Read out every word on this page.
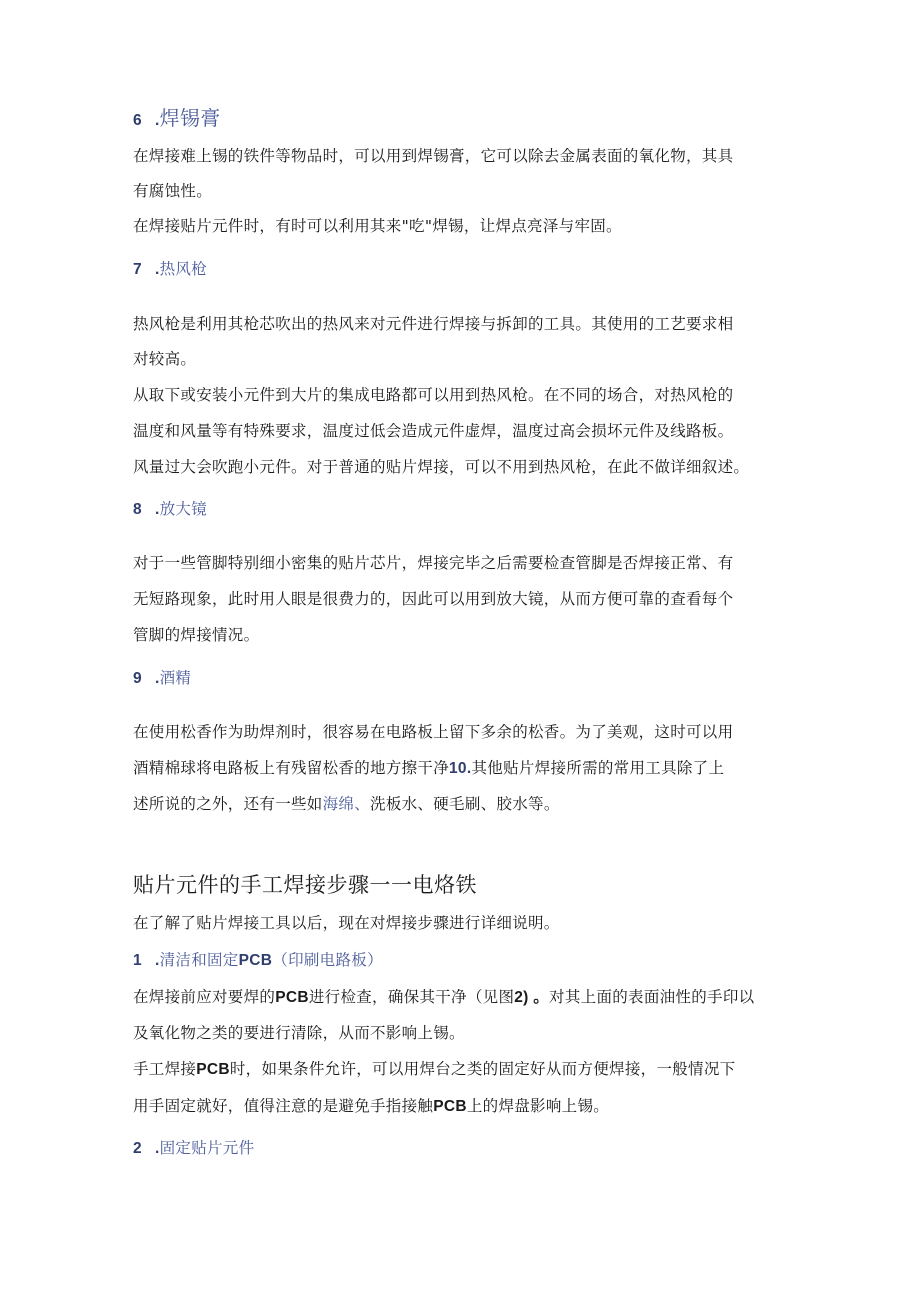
6 .焊锡膏
在焊接难上锡的铁件等物品时，可以用到焊锡膏，它可以除去金属表面的氧化物，其具
有腐蚀性。
在焊接贴片元件时，有时可以利用其来"吃"焊锡，让焊点亮泽与牢固。
7 .热风枪
热风枪是利用其枪芯吹出的热风来对元件进行焊接与拆卸的工具。其使用的工艺要求相
对较高。
从取下或安装小元件到大片的集成电路都可以用到热风枪。在不同的场合，对热风枪的
温度和风量等有特殊要求，温度过低会造成元件虚焊，温度过高会损坏元件及线路板。
风量过大会吹跑小元件。对于普通的贴片焊接，可以不用到热风枪，在此不做详细叙述。
8 .放大镜
对于一些管脚特别细小密集的贴片芯片，焊接完毕之后需要检查管脚是否焊接正常、有
无短路现象，此时用人眼是很费力的，因此可以用到放大镜，从而方便可靠的查看每个
管脚的焊接情况。
9 .酒精
在使用松香作为助焊剂时，很容易在电路板上留下多余的松香。为了美观，这时可以用
酒精棉球将电路板上有残留松香的地方擦干净10.其他贴片焊接所需的常用工具除了上
述所说的之外，还有一些如海绵、洗板水、硬毛刷、胶水等。
贴片元件的手工焊接步骤一一电烙铁
在了解了贴片焊接工具以后，现在对焊接步骤进行详细说明。
1 .清洁和固定PCB（印刷电路板）
在焊接前应对要焊的PCB进行检查，确保其干净（见图2) 。对其上面的表面油性的手印以
及氧化物之类的要进行清除，从而不影响上锡。
手工焊接PCB时，如果条件允许，可以用焊台之类的固定好从而方便焊接，一般情况下
用手固定就好，值得注意的是避免手指接触PCB上的焊盘影响上锡。
2 .固定贴片元件
